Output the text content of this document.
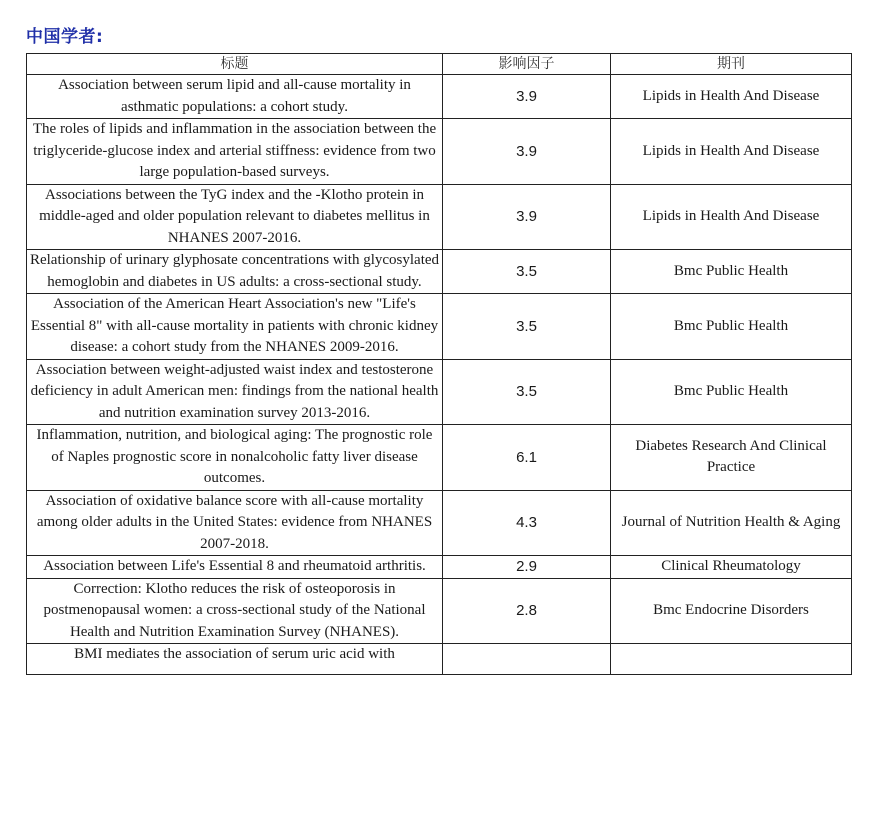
中国学者:
标题	影响因子	期刊
Association between serum lipid and all-cause mortality in asthmatic populations: a cohort study.	3.9	Lipids in Health And Disease
The roles of lipids and inflammation in the association between the triglyceride-glucose index and arterial stiffness: evidence from two large population-based surveys.	3.9	Lipids in Health And Disease
Associations between the TyG index and the -Klotho protein in middle-aged and older population relevant to diabetes mellitus in NHANES 2007-2016.	3.9	Lipids in Health And Disease
Relationship of urinary glyphosate concentrations with glycosylated hemoglobin and diabetes in US adults: a cross-sectional study.	3.5	Bmc Public Health
Association of the American Heart Association's new "Life's Essential 8" with all-cause mortality in patients with chronic kidney disease: a cohort study from the NHANES 2009-2016.	3.5	Bmc Public Health
Association between weight-adjusted waist index and testosterone deficiency in adult American men: findings from the national health and nutrition examination survey 2013-2016.	3.5	Bmc Public Health
Inflammation, nutrition, and biological aging: The prognostic role of Naples prognostic score in nonalcoholic fatty liver disease outcomes.	6.1	Diabetes Research And Clinical Practice
Association of oxidative balance score with all-cause mortality among older adults in the United States: evidence from NHANES 2007-2018.	4.3	Journal of Nutrition Health & Aging
Association between Life's Essential 8 and rheumatoid arthritis.	2.9	Clinical Rheumatology
Correction: Klotho reduces the risk of osteoporosis in postmenopausal women: a cross-sectional study of the National Health and Nutrition Examination Survey (NHANES).	2.8	Bmc Endocrine Disorders

BMI mediates the association of serum uric acid with		
